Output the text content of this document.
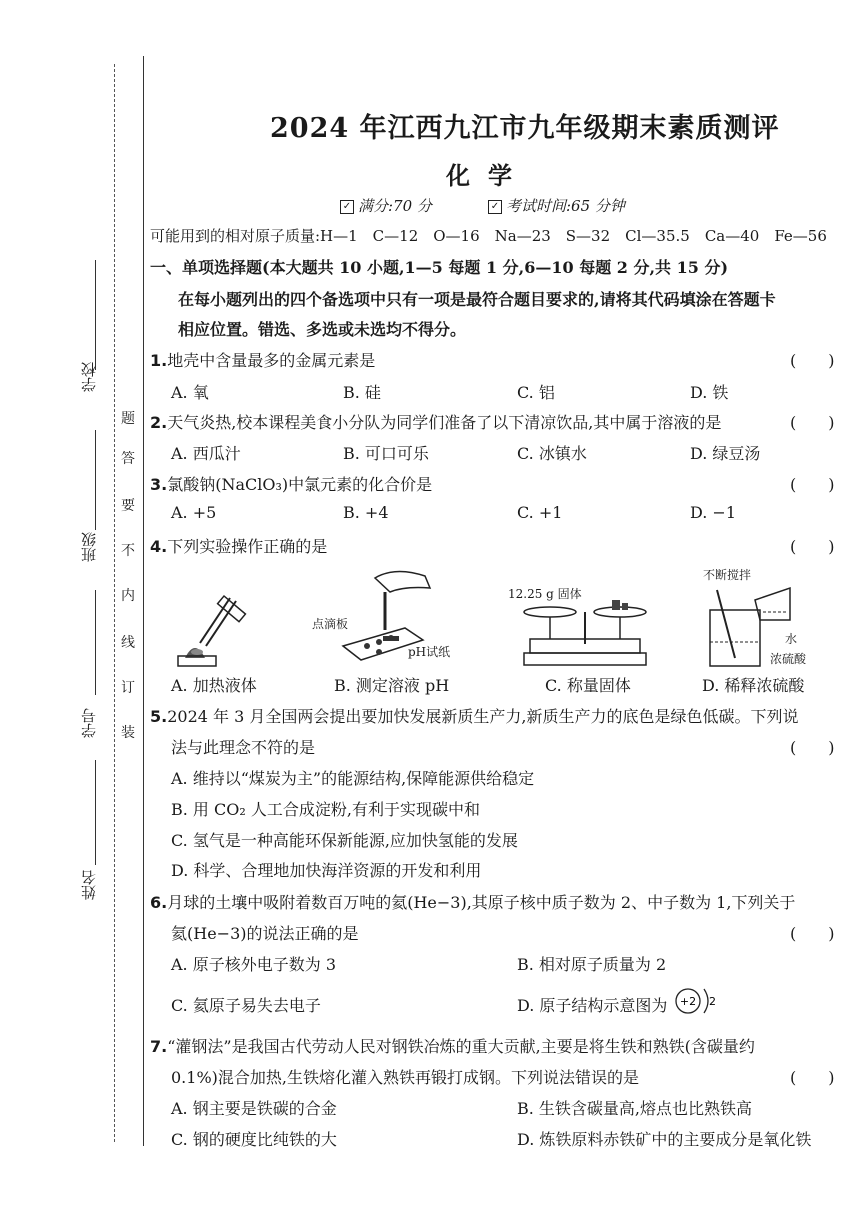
学校
班级
学号
姓名
题
答
要
不
内
线
订
装
2024 年江西九江市九年级期末素质测评
化学
✓ 满分:70 分	✓ 考试时间:65 分钟
可能用到的相对原子质量:H—1　C—12　O—16　Na—23　S—32　Cl—35.5　Ca—40　Fe—56
一、单项选择题(本大题共 10 小题,1—5 每题 1 分,6—10 每题 2 分,共 15 分)
在每小题列出的四个备选项中只有一项是最符合题目要求的,请将其代码填涂在答题卡
相应位置。错选、多选或未选均不得分。
1.地壳中含量最多的金属元素是	(　　)
A. 氧	B. 硅	C. 铝	D. 铁
2.天气炎热,校本课程美食小分队为同学们准备了以下清凉饮品,其中属于溶液的是	(　　)
A. 西瓜汁	B. 可口可乐	C. 冰镇水	D. 绿豆汤
3.氯酸钠(NaClO₃)中氯元素的化合价是	(　　)
A. +5	B. +4	C. +1	D. −1
4.下列实验操作正确的是	(　　)
点滴板
pH试纸
12.25 g 固体
不断搅拌
水
浓硫酸
A. 加热液体	B. 测定溶液 pH	C. 称量固体	D. 稀释浓硫酸
5.2024 年 3 月全国两会提出要加快发展新质生产力,新质生产力的底色是绿色低碳。下列说
法与此理念不符的是	(　　)
A. 维持以“煤炭为主”的能源结构,保障能源供给稳定
B. 用 CO₂ 人工合成淀粉,有利于实现碳中和
C. 氢气是一种高能环保新能源,应加快氢能的发展
D. 科学、合理地加快海洋资源的开发和利用
6.月球的土壤中吸附着数百万吨的氦(He−3),其原子核中质子数为 2、中子数为 1,下列关于
氦(He−3)的说法正确的是	(　　)
A. 原子核外电子数为 3	B. 相对原子质量为 2
C. 氦原子易失去电子	D. 原子结构示意图为 +2 2
7.“灌钢法”是我国古代劳动人民对钢铁冶炼的重大贡献,主要是将生铁和熟铁(含碳量约
0.1%)混合加热,生铁熔化灌入熟铁再锻打成钢。下列说法错误的是	(　　)
A. 钢主要是铁碳的合金	B. 生铁含碳量高,熔点也比熟铁高
C. 钢的硬度比纯铁的大	D. 炼铁原料赤铁矿中的主要成分是氧化铁
